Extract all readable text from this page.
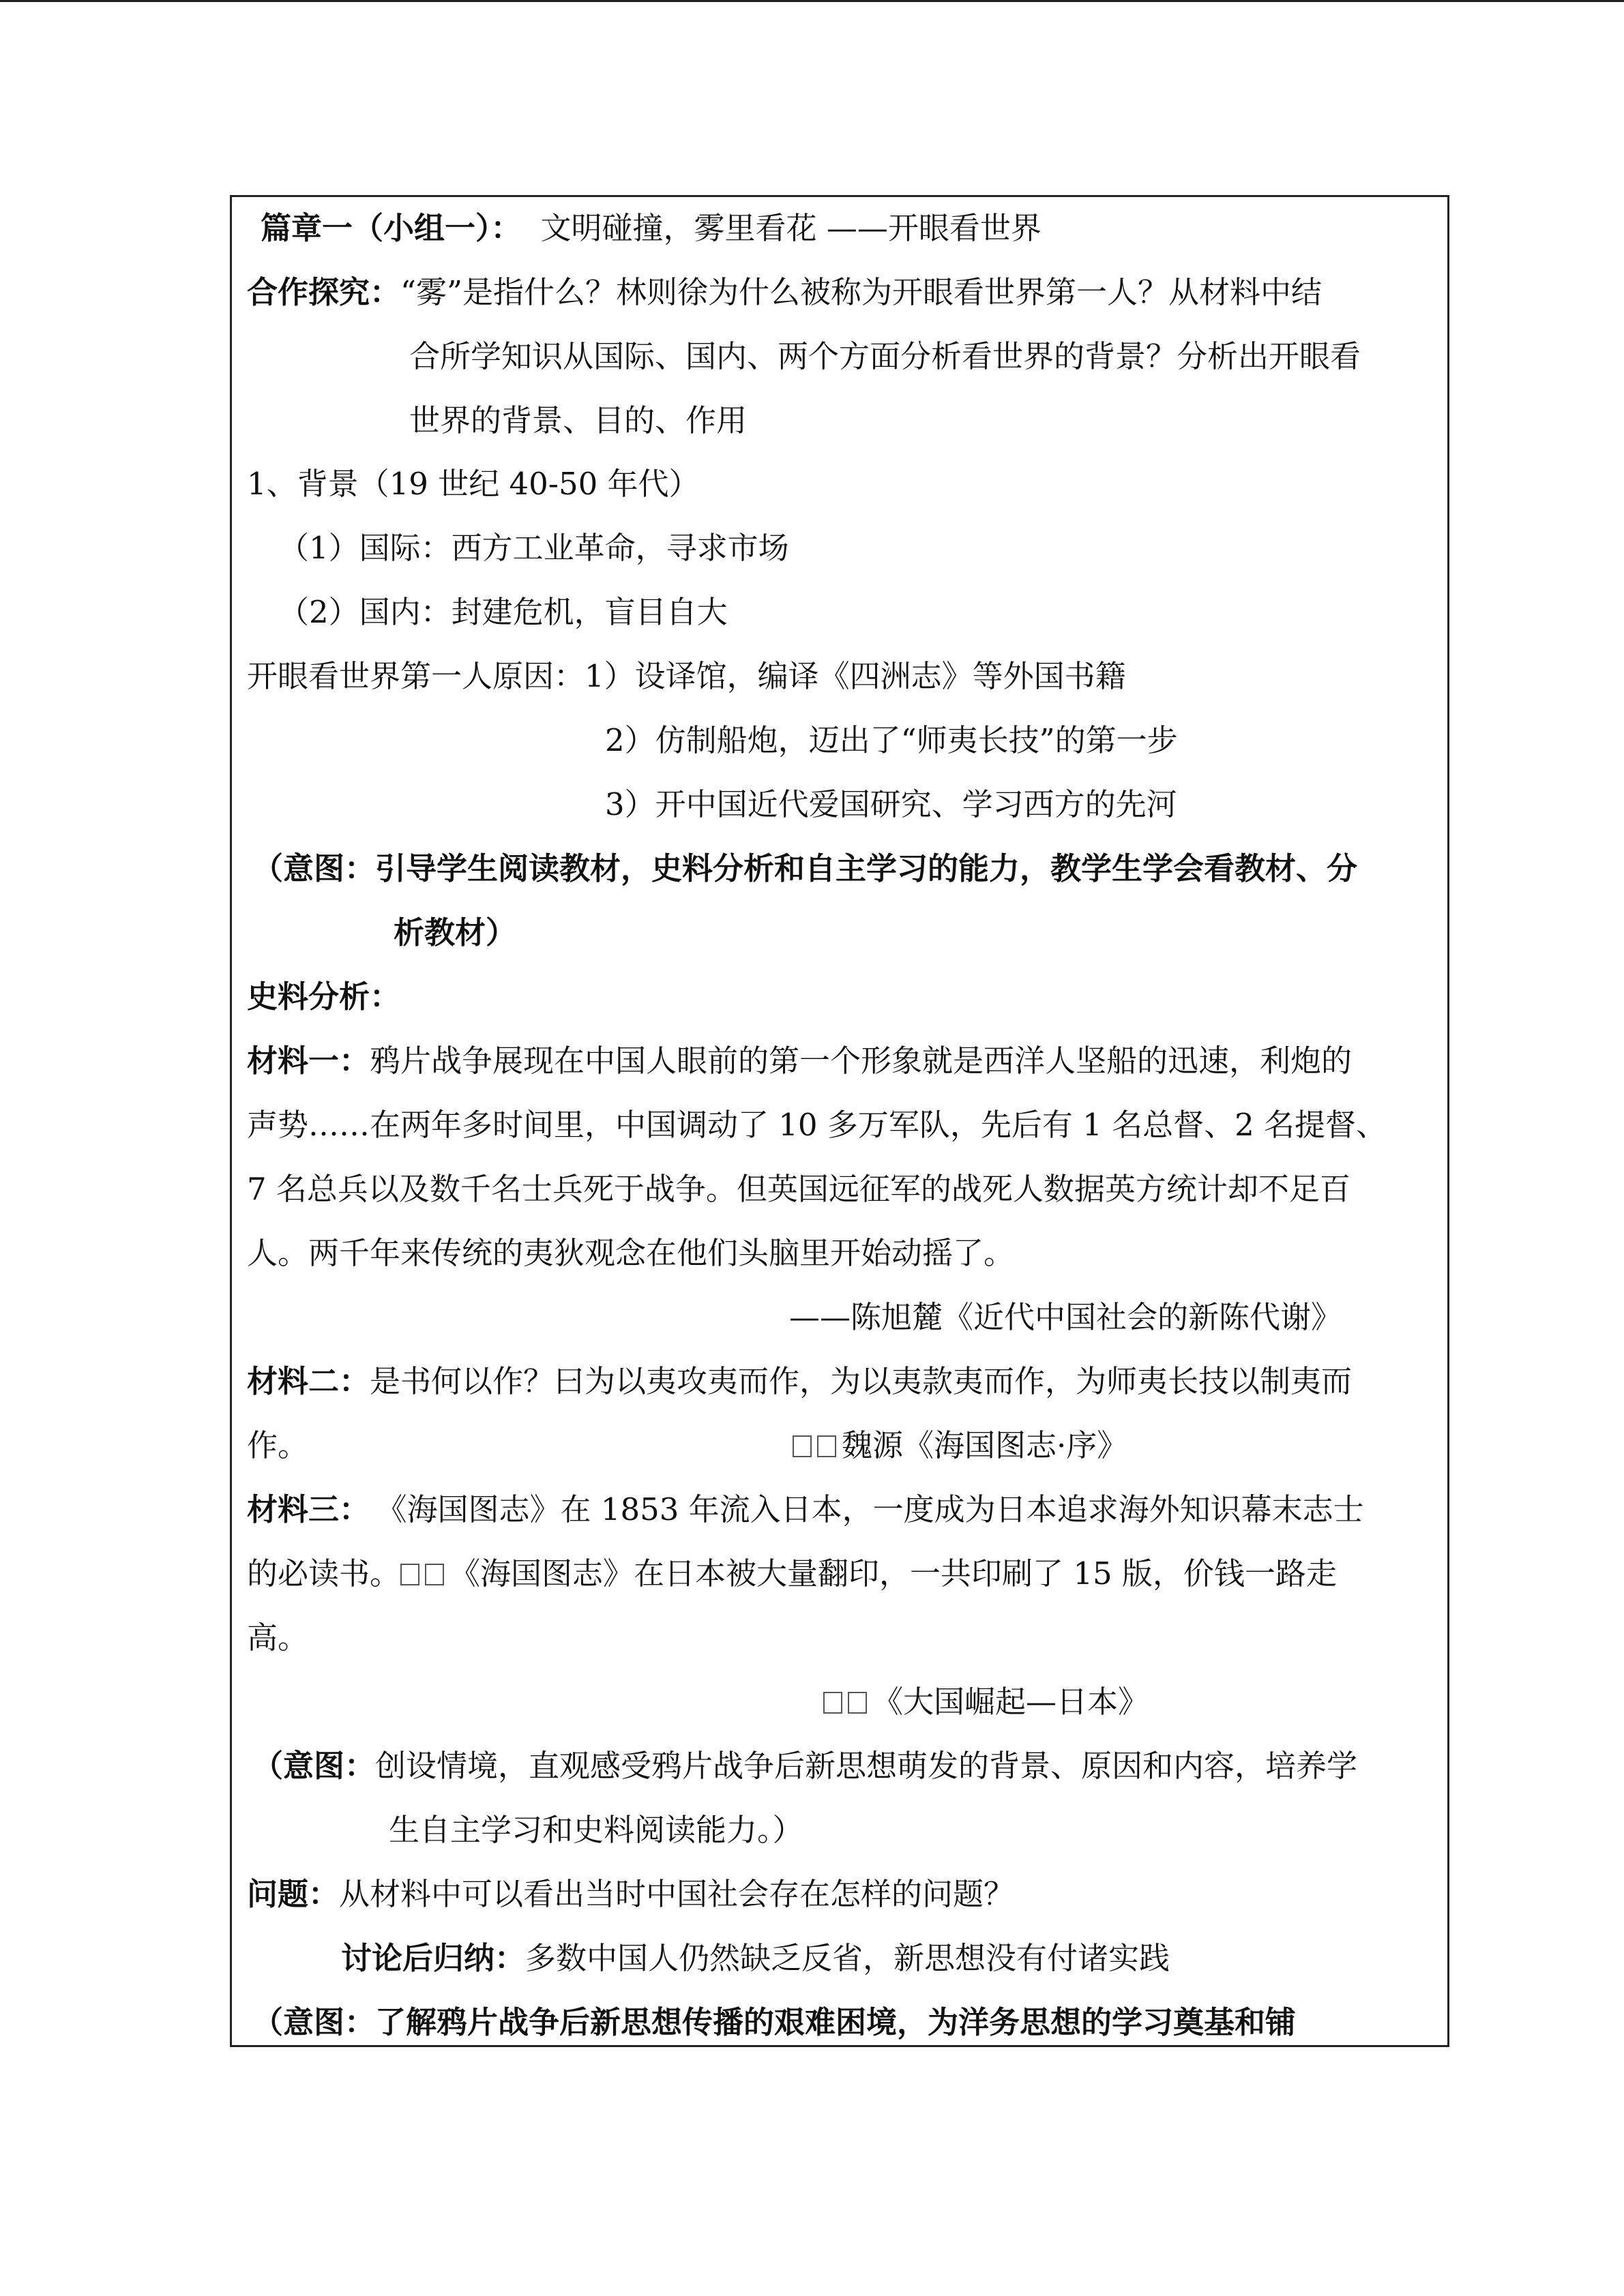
篇章一（小组一）： 文明碰撞，雾里看花 ——开眼看世界
合作探究：“雾”是指什么？林则徐为什么被称为开眼看世界第一人？从材料中结
合所学知识从国际、国内、两个方面分析看世界的背景？分析出开眼看
世界的背景、目的、作用
1、背景（19 世纪 40-50 年代）
（1）国际：西方工业革命，寻求市场
（2）国内：封建危机，盲目自大
开眼看世界第一人原因：1）设译馆，编译《四洲志》等外国书籍
2）仿制船炮，迈出了“师夷长技”的第一步
3）开中国近代爱国研究、学习西方的先河
（意图：引导学生阅读教材，史料分析和自主学习的能力，教学生学会看教材、分
析教材）
史料分析：
材料一：鸦片战争展现在中国人眼前的第一个形象就是西洋人坚船的迅速，利炮的
声势……在两年多时间里，中国调动了 10 多万军队，先后有 1 名总督、2 名提督、
7 名总兵以及数千名士兵死于战争。但英国远征军的战死人数据英方统计却不足百
人。两千年来传统的夷狄观念在他们头脑里开始动摇了。
——陈旭麓《近代中国社会的新陈代谢》
材料二：是书何以作？曰为以夷攻夷而作，为以夷款夷而作，为师夷长技以制夷而
作。	魏源《海国图志·序》
材料三： 《海国图志》在 1853 年流入日本，一度成为日本追求海外知识幕末志士
的必读书。 《海国图志》在日本被大量翻印，一共印刷了 15 版，价钱一路走
高。
《大国崛起—日本》
（意图：创设情境，直观感受鸦片战争后新思想萌发的背景、原因和内容，培养学
生自主学习和史料阅读能力。）
问题：从材料中可以看出当时中国社会存在怎样的问题？
讨论后归纳：多数中国人仍然缺乏反省，新思想没有付诸实践
（意图：了解鸦片战争后新思想传播的艰难困境，为洋务思想的学习奠基和铺
